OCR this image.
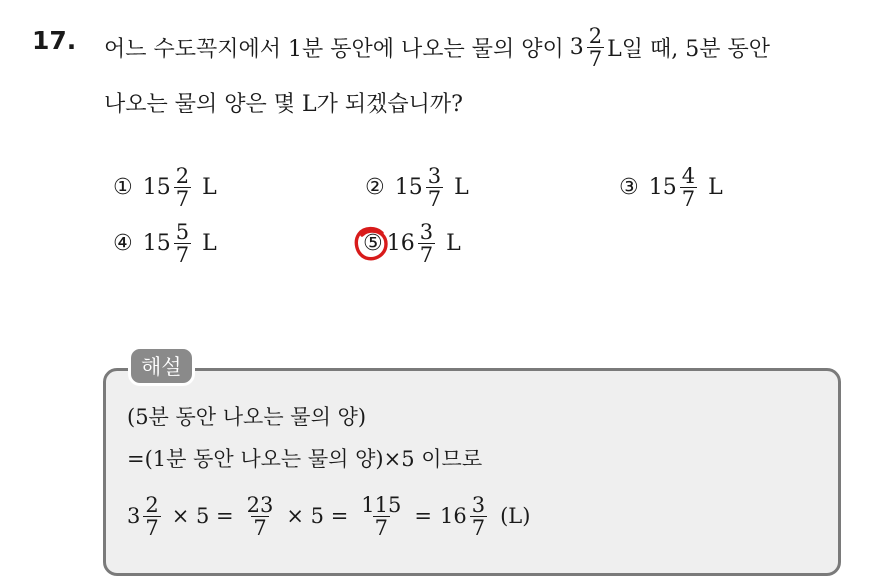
17. 어느 수도꼭지에서 1분 동안에 나오는 물의 양이 $3 \frac{2}{7}$ L일 때, 5분 동안
나오는 물의 양은 몇 L가 되겠습니까?
① $15 \frac{2}{7}$ L	② $15 \frac{3}{7}$ L	③ $15 \frac{4}{7}$ L
④ $15 \frac{5}{7}$ L	⑤ $16 \frac{3}{7}$ L
해설
(5분 동안 나오는 물의 양)
=(1분 동안 나오는 물의 양)×5 이므로
$3 \frac{2}{7} \times 5 = \frac{23}{7} \times 5 = \frac{115}{7} = 16 \frac{3}{7} (L)$
